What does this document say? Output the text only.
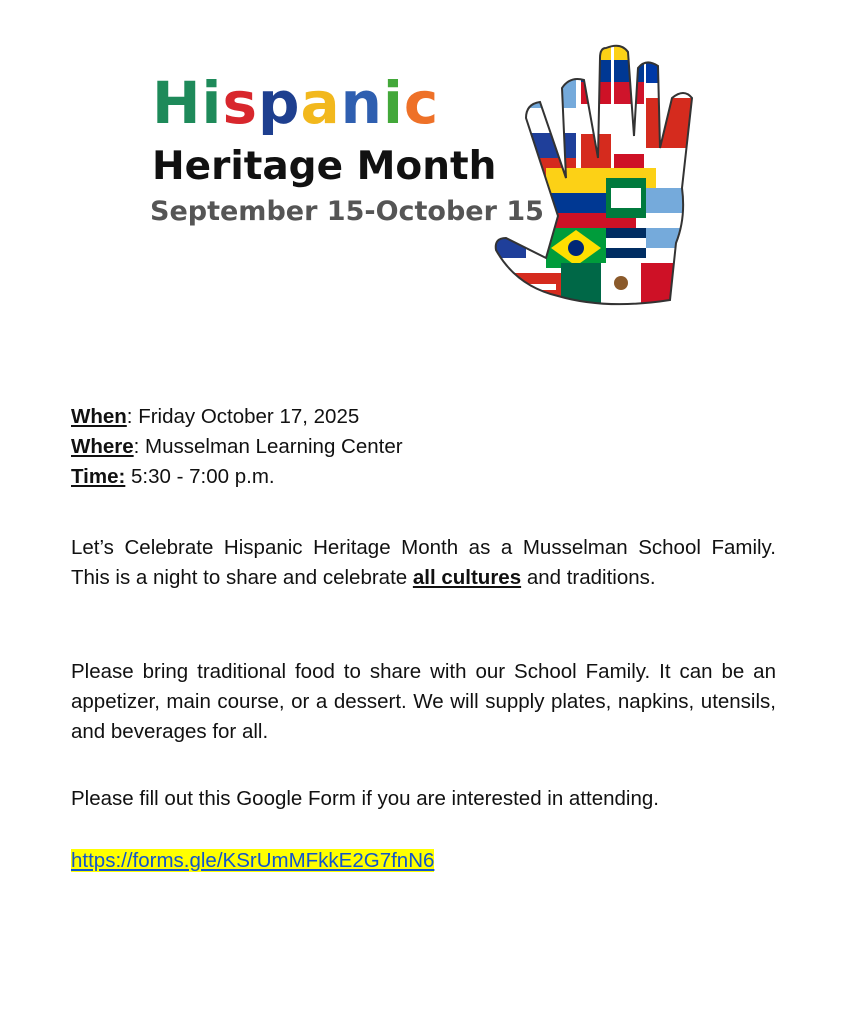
Hispanic
Heritage Month
September 15-October 15
When: Friday October 17, 2025
Where: Musselman Learning Center
Time: 5:30 - 7:00 p.m.
Let’s Celebrate Hispanic Heritage Month as a Musselman School Family. This is a night to share and celebrate all cultures and traditions.
Please bring traditional food to share with our School Family. It can be an appetizer, main course, or a dessert. We will supply plates, napkins, utensils, and beverages for all.
Please fill out this Google Form if you are interested in attending.
https://forms.gle/KSrUmMFkkE2G7fnN6
